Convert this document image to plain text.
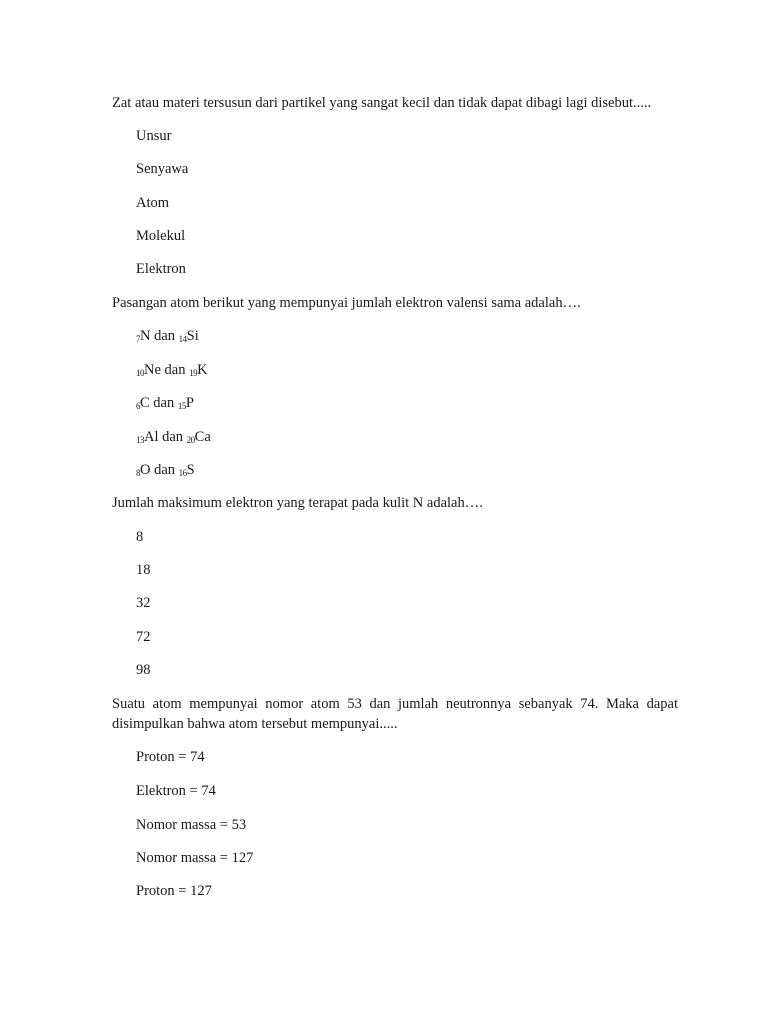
Zat atau materi tersusun dari partikel yang sangat kecil dan tidak dapat dibagi lagi disebut.....

Unsur

Senyawa

Atom

Molekul

Elektron

Pasangan atom berikut yang mempunyai jumlah elektron valensi sama adalah….

$_7$N dan $_{14}$Si

$_{10}$Ne dan $_{19}$K

$_6$C dan $_{15}$P

$_{13}$Al dan $_{20}$Ca

$_8$O dan $_{16}$S

Jumlah maksimum elektron yang terapat pada kulit N adalah….

8

18

32

72

98

Suatu atom mempunyai nomor atom 53 dan jumlah neutronnya sebanyak 74. Maka dapat disimpulkan bahwa atom tersebut mempunyai.....

Proton = 74

Elektron = 74

Nomor massa = 53

Nomor massa = 127

Proton = 127
